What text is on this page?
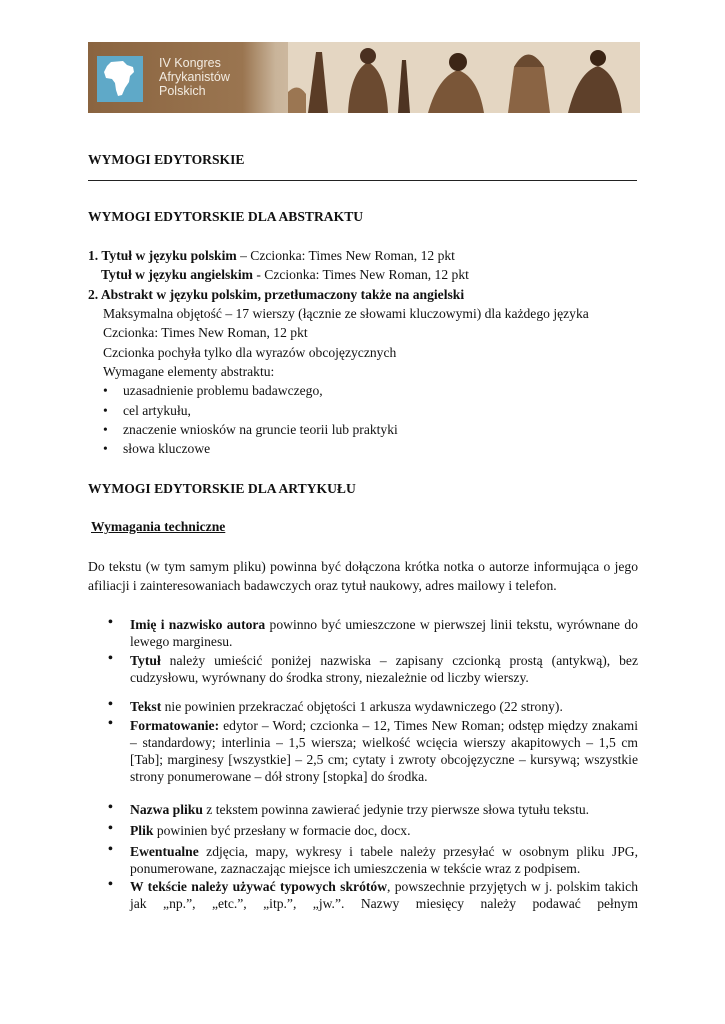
IV Kongres
Afrykanistów
Polskich
WYMOGI EDYTORSKIE
WYMOGI EDYTORSKIE DLA ABSTRAKTU
1. Tytuł w języku polskim – Czcionka: Times New Roman, 12 pkt
Tytuł w języku angielskim - Czcionka: Times New Roman, 12 pkt
2. Abstrakt w języku polskim, przetłumaczony także na angielski
Maksymalna objętość – 17 wierszy (łącznie ze słowami kluczowymi) dla każdego języka
Czcionka: Times New Roman, 12 pkt
Czcionka pochyła tylko dla wyrazów obcojęzycznych
Wymagane elementy abstraktu:
• uzasadnienie problemu badawczego,
• cel artykułu,
• znaczenie wniosków na gruncie teorii lub praktyki
• słowa kluczowe
WYMOGI EDYTORSKIE DLA ARTYKUŁU
Wymagania techniczne
Do tekstu (w tym samym pliku) powinna być dołączona krótka notka o autorze informująca o jego afiliacji i zainteresowaniach badawczych oraz tytuł naukowy, adres mailowy i telefon.
• Imię i nazwisko autora powinno być umieszczone w pierwszej linii tekstu, wyrównane do lewego marginesu.
• Tytuł należy umieścić poniżej nazwiska – zapisany czcionką prostą (antykwą), bez cudzysłowu, wyrównany do środka strony, niezależnie od liczby wierszy.
• Tekst nie powinien przekraczać objętości 1 arkusza wydawniczego (22 strony).
• Formatowanie: edytor – Word; czcionka – 12, Times New Roman; odstęp między znakami – standardowy; interlinia – 1,5 wiersza; wielkość wcięcia wierszy akapitowych – 1,5 cm [Tab]; marginesy [wszystkie] – 2,5 cm; cytaty i zwroty obcojęzyczne – kursywą; wszystkie strony ponumerowane – dół strony [stopka] do środka.
• Nazwa pliku z tekstem powinna zawierać jedynie trzy pierwsze słowa tytułu tekstu.
• Plik powinien być przesłany w formacie doc, docx.
• Ewentualne zdjęcia, mapy, wykresy i tabele należy przesyłać w osobnym pliku JPG, ponumerowane, zaznaczając miejsce ich umieszczenia w tekście wraz z podpisem.
• W tekście należy używać typowych skrótów, powszechnie przyjętych w j. polskim takich jak „np.”, „etc.”, „itp.”, „jw.”. Nazwy miesięcy należy podawać pełnym
